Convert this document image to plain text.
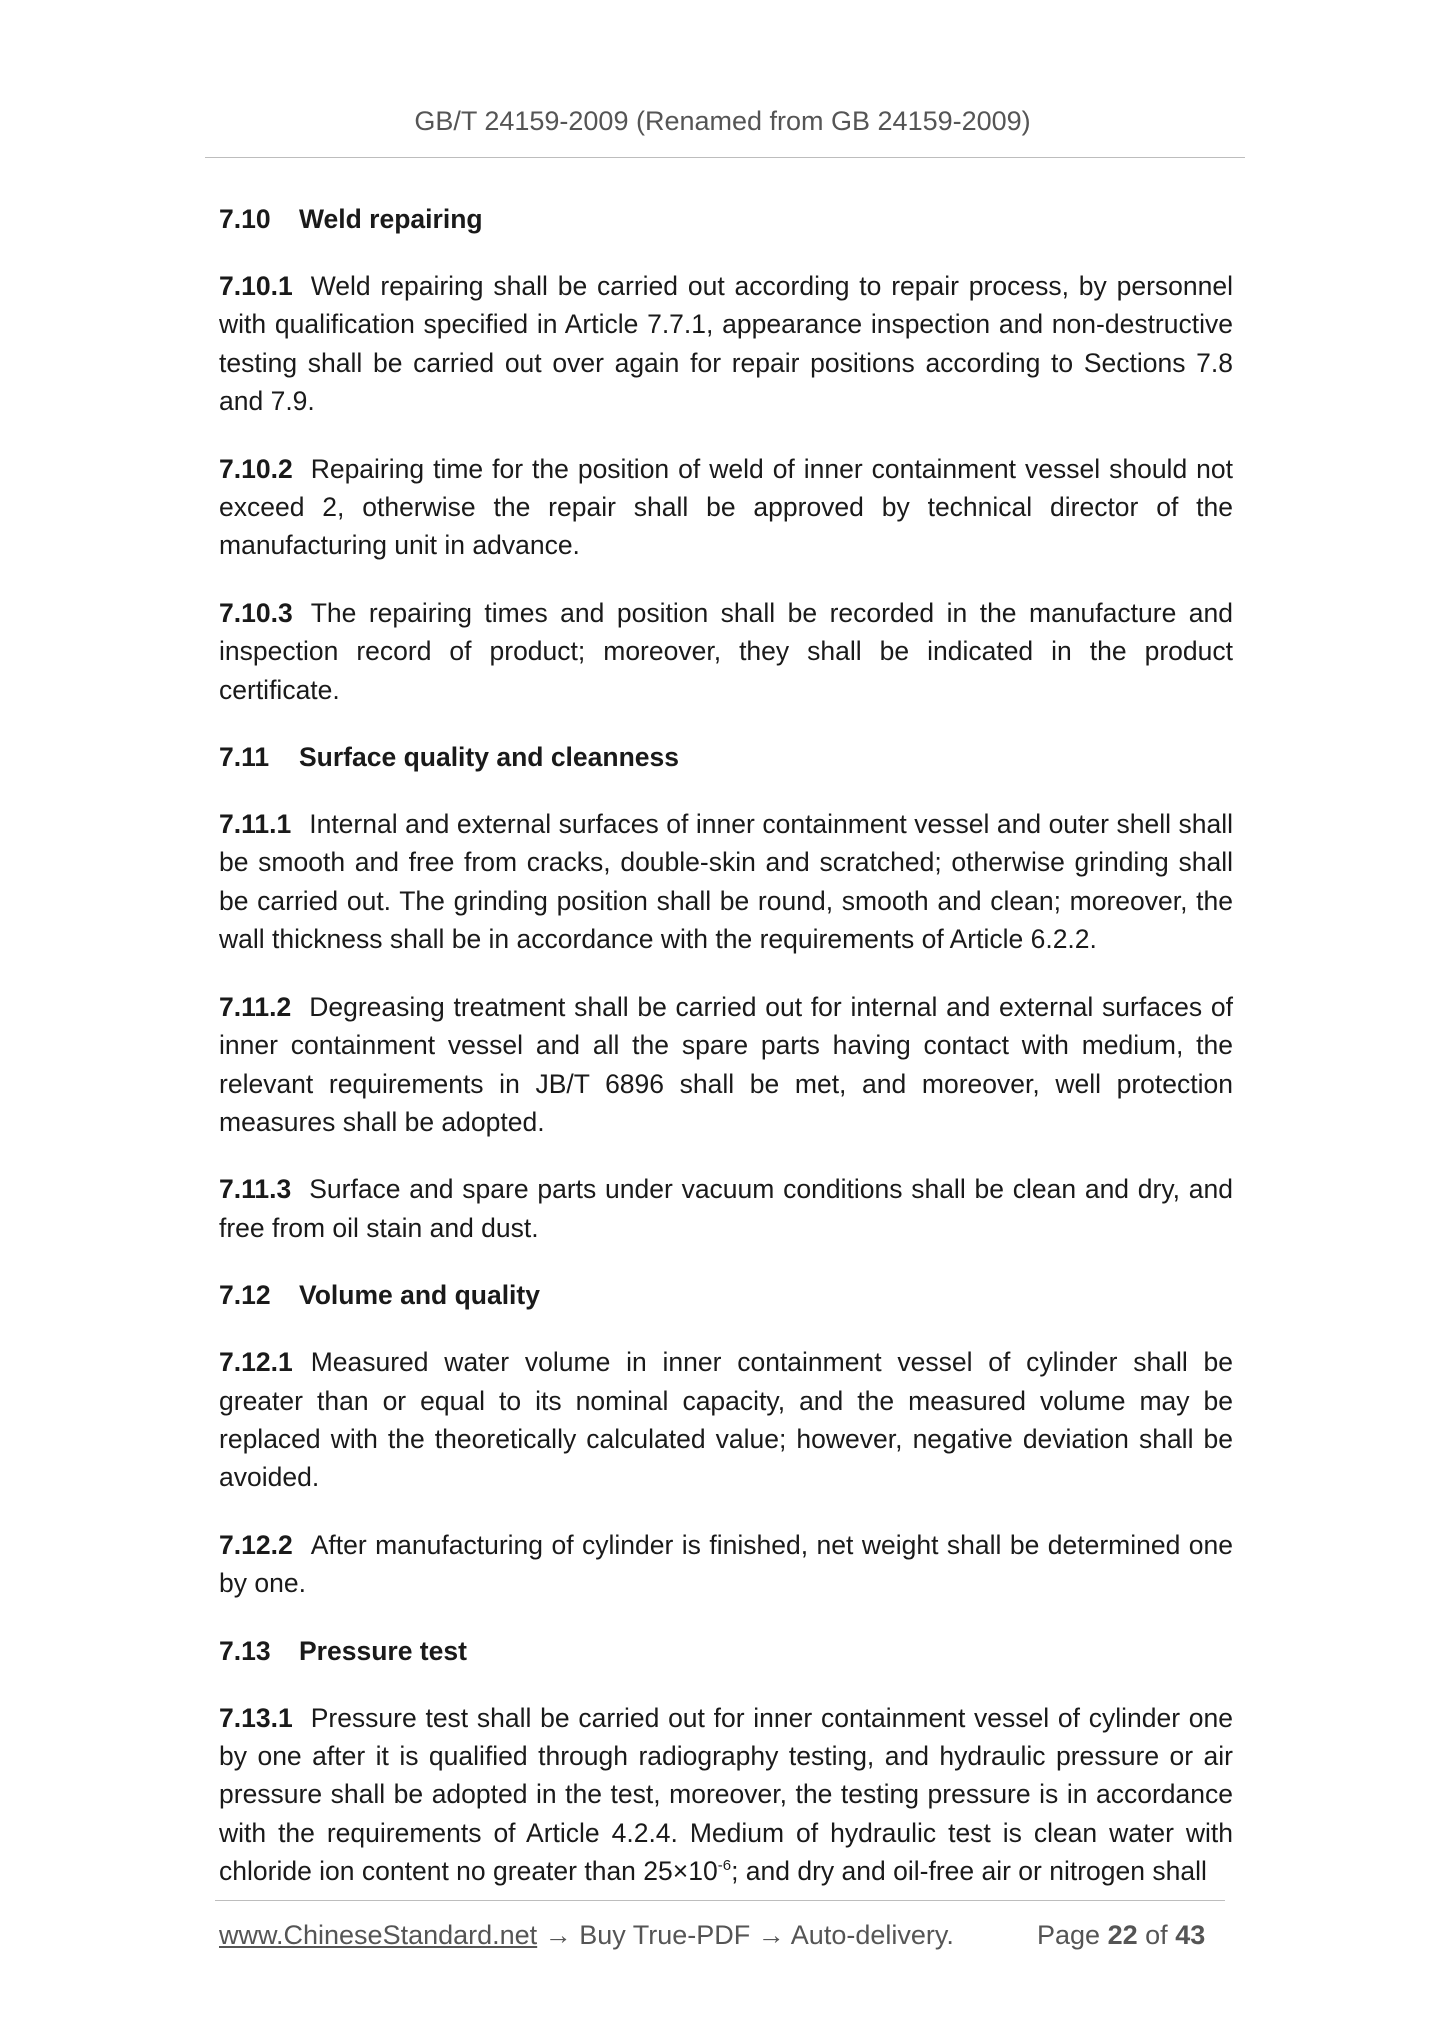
GB/T 24159-2009 (Renamed from GB 24159-2009)
7.10 Weld repairing

7.10.1 Weld repairing shall be carried out according to repair process, by personnel with qualification specified in Article 7.7.1, appearance inspection and non-destructive testing shall be carried out over again for repair positions according to Sections 7.8 and 7.9.

7.10.2 Repairing time for the position of weld of inner containment vessel should not exceed 2, otherwise the repair shall be approved by technical director of the manufacturing unit in advance.

7.10.3 The repairing times and position shall be recorded in the manufacture and inspection record of product; moreover, they shall be indicated in the product certificate.

7.11 Surface quality and cleanness

7.11.1 Internal and external surfaces of inner containment vessel and outer shell shall be smooth and free from cracks, double-skin and scratched; otherwise grinding shall be carried out. The grinding position shall be round, smooth and clean; moreover, the wall thickness shall be in accordance with the requirements of Article 6.2.2.

7.11.2 Degreasing treatment shall be carried out for internal and external surfaces of inner containment vessel and all the spare parts having contact with medium, the relevant requirements in JB/T 6896 shall be met, and moreover, well protection measures shall be adopted.

7.11.3 Surface and spare parts under vacuum conditions shall be clean and dry, and free from oil stain and dust.

7.12 Volume and quality

7.12.1 Measured water volume in inner containment vessel of cylinder shall be greater than or equal to its nominal capacity, and the measured volume may be replaced with the theoretically calculated value; however, negative deviation shall be avoided.

7.12.2 After manufacturing of cylinder is finished, net weight shall be determined one by one.

7.13 Pressure test

7.13.1 Pressure test shall be carried out for inner containment vessel of cylinder one by one after it is qualified through radiography testing, and hydraulic pressure or air pressure shall be adopted in the test, moreover, the testing pressure is in accordance with the requirements of Article 4.2.4. Medium of hydraulic test is clean water with chloride ion content no greater than $25\times 10^{-6}$; and dry and oil-free air or nitrogen shall

www.ChineseStandard.net → Buy True-PDF → Auto-delivery.	Page 22 of 43
